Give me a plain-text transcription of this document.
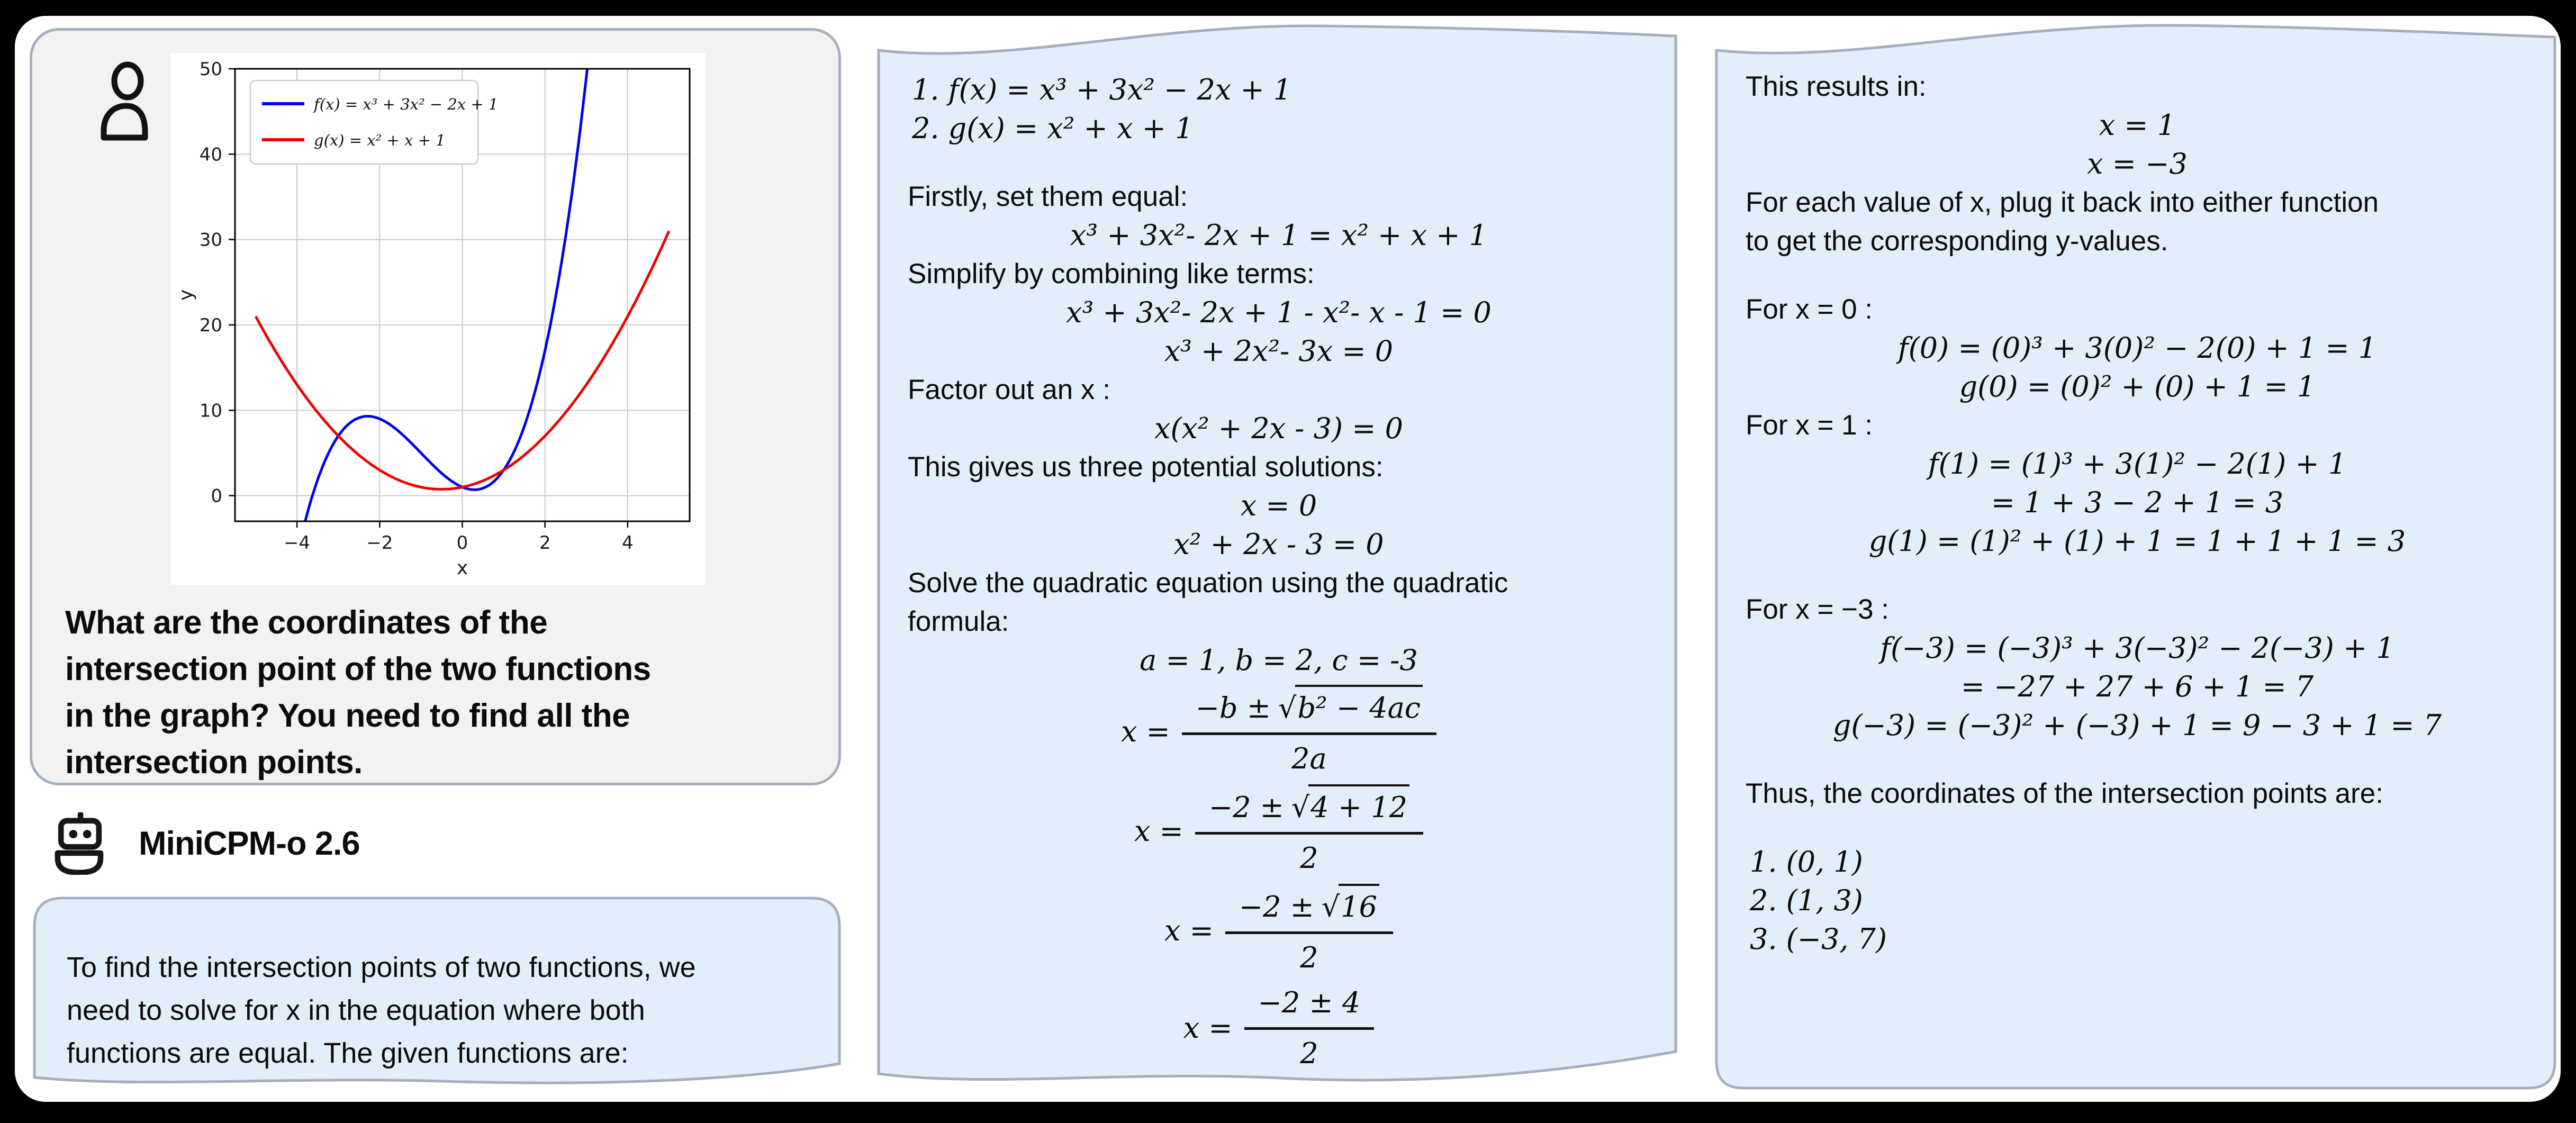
−4	−2	0	2	4
0
10
20
30
40
50
x
y
f(x) = x³ + 3x² − 2x + 1
g(x) = x² + x + 1
What are the coordinates of the
intersection point of the two functions
in the graph? You need to find all the
intersection points.
MiniCPM-o 2.6
To find the intersection points of two functions, we
need to solve for x in the equation where both
functions are equal. The given functions are:
1. f(x) = x³ + 3x² − 2x + 1
2. g(x) = x² + x + 1
Firstly, set them equal:
x³ + 3x²- 2x + 1 = x² + x + 1
Simplify by combining like terms:
x³ + 3x²- 2x + 1 - x²- x - 1 = 0
x³ + 2x²- 3x = 0
Factor out an x :
x(x² + 2x - 3) = 0
This gives us three potential solutions:
x = 0
x² + 2x - 3 = 0
Solve the quadratic equation using the quadratic
formula:
a = 1, b = 2, c = -3
$x = \frac{\text{−b ± √ b² − 4ac}}{2a}$
$x = \frac{-2 \pm √ 4 + 12}{2}$
$x = \frac{-2 \pm √ 16}{2}$
$x = \frac{-2 \pm 4}{2}$
This results in:
x = 1
x = −3
For each value of x, plug it back into either function
to get the corresponding y-values.
For x = 0 :
f(0) = (0)³ + 3(0)² − 2(0) + 1 = 1
g(0) = (0)² + (0) + 1 = 1
For x = 1 :
f(1) = (1)³ + 3(1)² − 2(1) + 1
= 1 + 3 − 2 + 1 = 3
g(1) = (1)² + (1) + 1 = 1 + 1 + 1 = 3
For x = −3 :
f(−3) = (−3)³ + 3(−3)² − 2(−3) + 1
= −27 + 27 + 6 + 1 = 7
g(−3) = (−3)² + (−3) + 1 = 9 − 3 + 1 = 7
Thus, the coordinates of the intersection points are:
1. (0, 1)
2. (1, 3)
3. (−3, 7)
